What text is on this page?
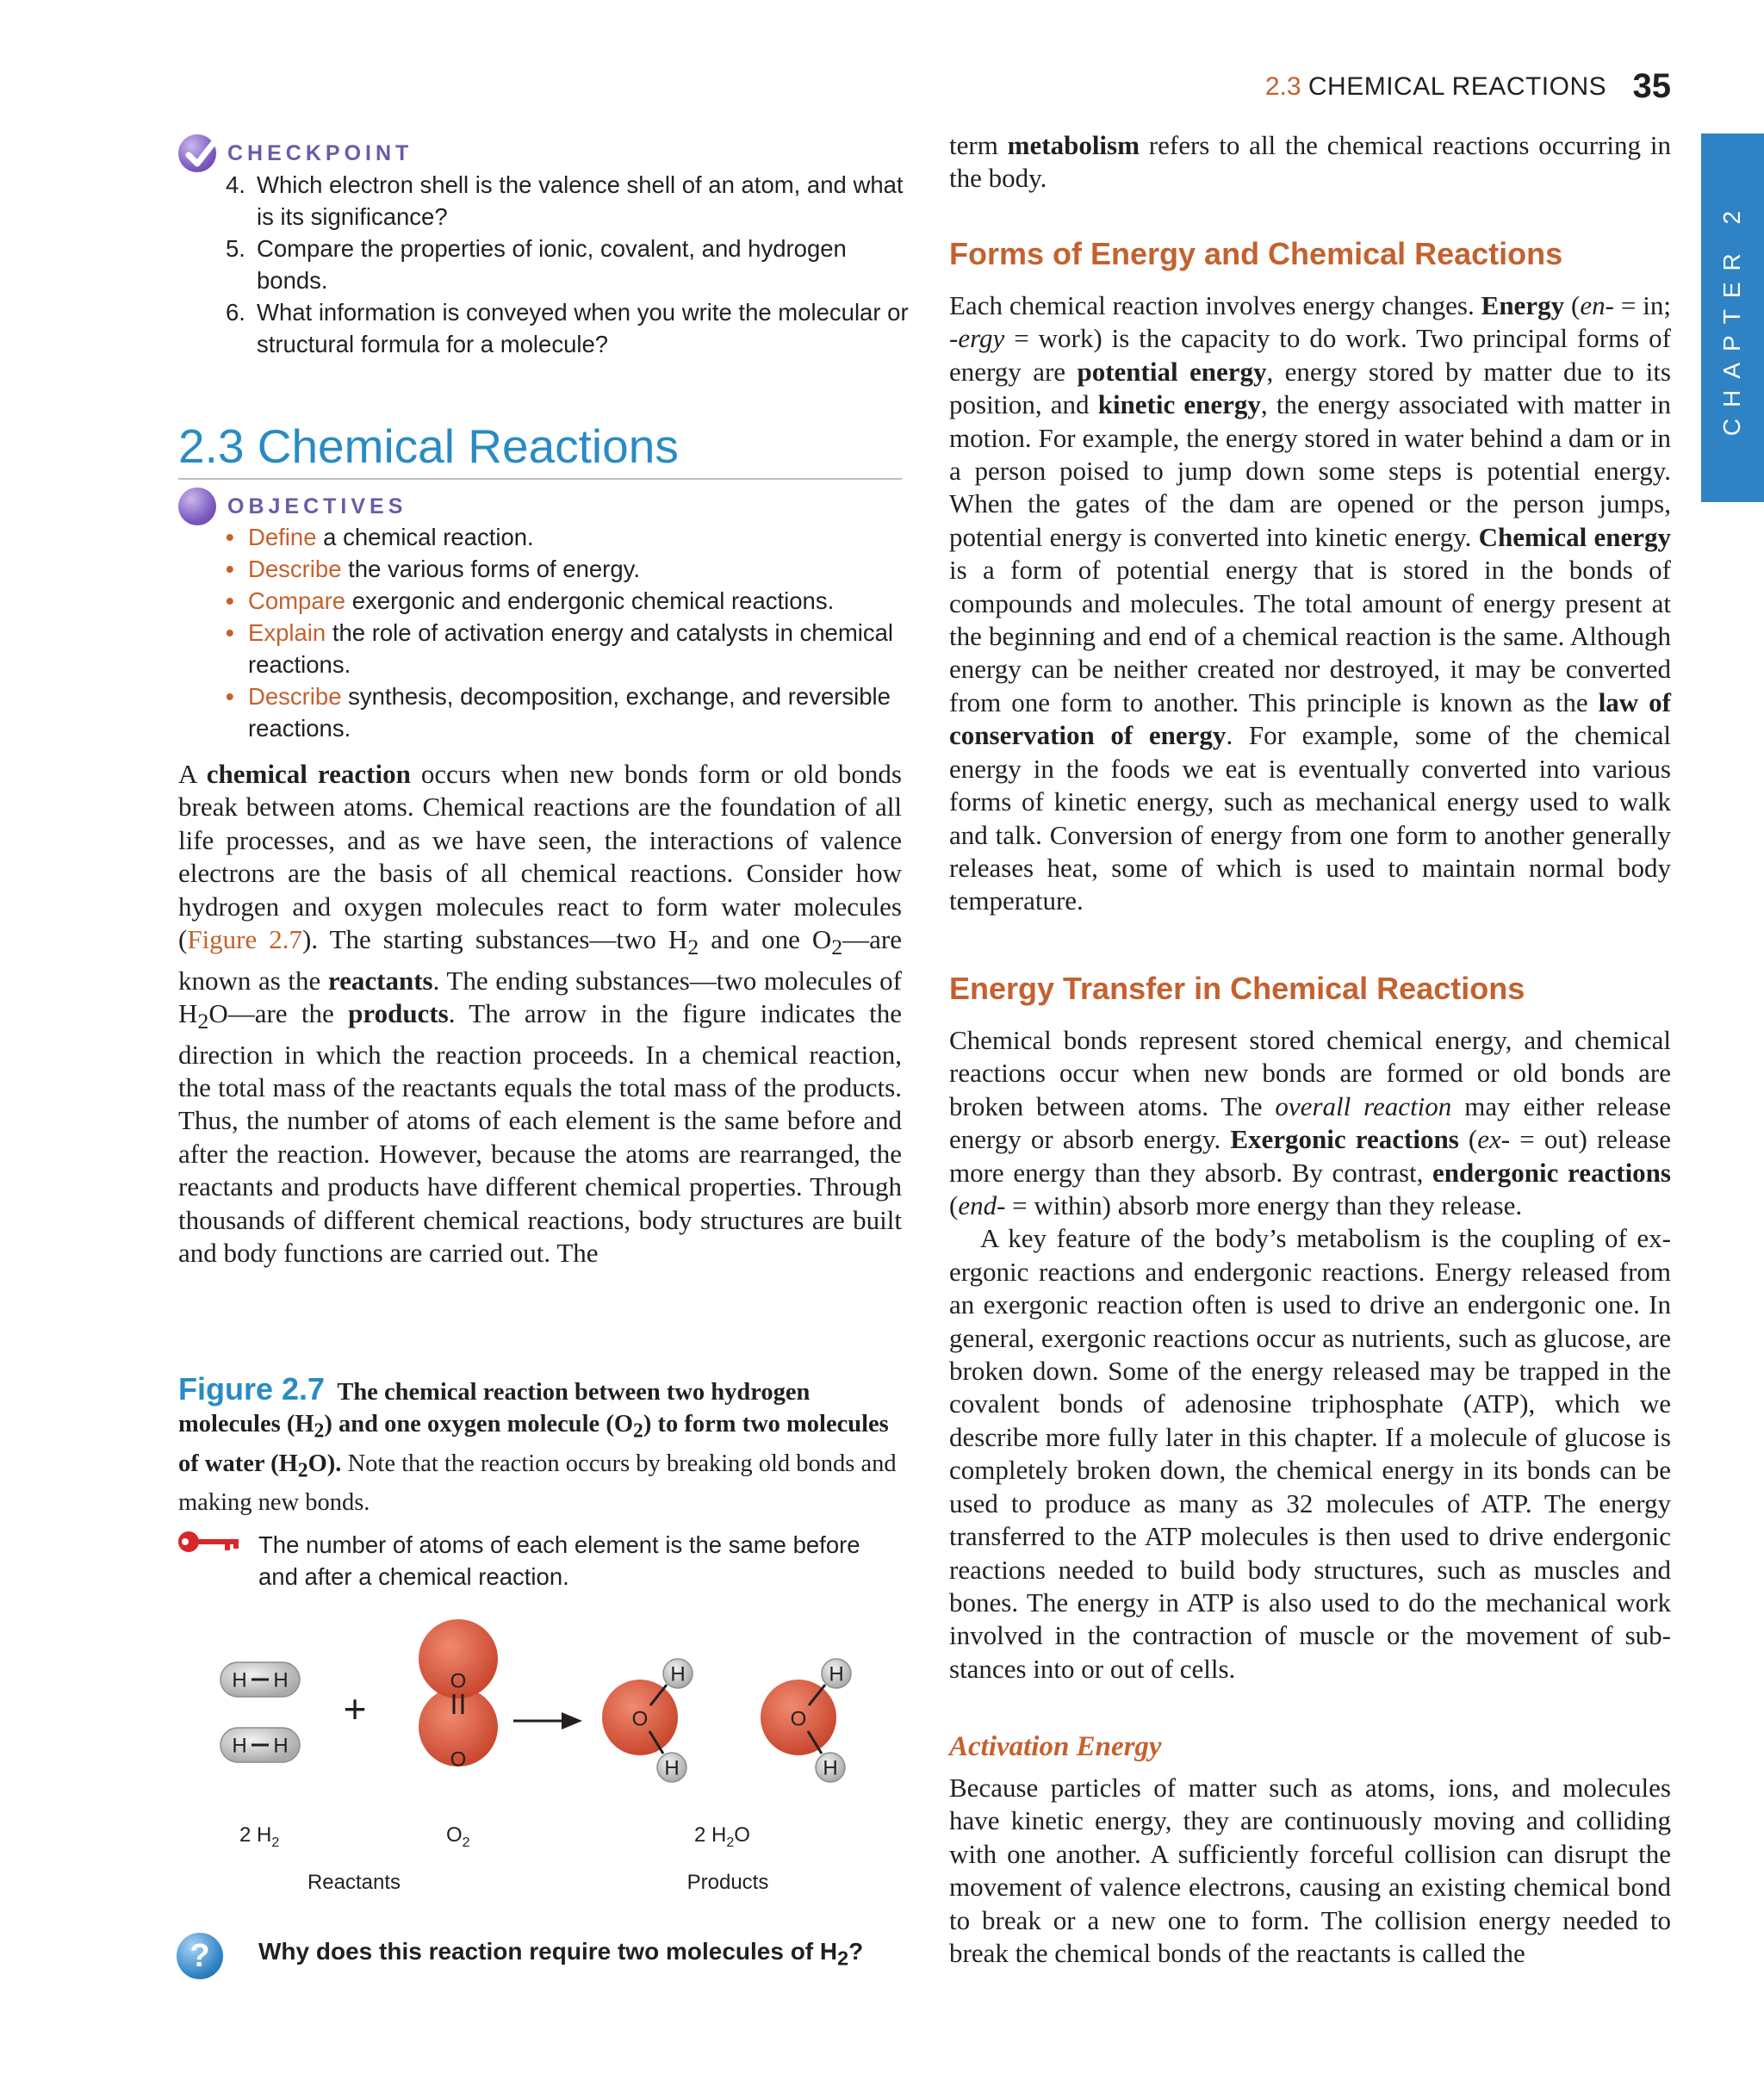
2.3 CHEMICAL REACTIONS 35
CHAPTER 2
CHECKPOINT
4. Which electron shell is the valence shell of an atom, and what is its significance?
5. Compare the properties of ionic, covalent, and hydrogen bonds.
6. What information is conveyed when you write the molecular or structural formula for a molecule?
2.3 Chemical Reactions
OBJECTIVES
• Define a chemical reaction.
• Describe the various forms of energy.
• Compare exergonic and endergonic chemical reactions.
• Explain the role of activation energy and catalysts in chemical reactions.
• Describe synthesis, decomposition, exchange, and reversible reactions.

A chemical reaction occurs when new bonds form or old bonds break between atoms. Chemical reactions are the foundation of all life processes, and as we have seen, the interactions of valence electrons are the basis of all chemical reactions. Consider how hydrogen and oxygen molecules react to form water molecules (Figure 2.7). The starting substances—two $H_2$ and one $O_2—are$ known as the reactants. The ending substances—two molecules of $H_2O—are$ the products. The arrow in the figure indicates the direction in which the reaction proceeds. In a chemical reaction, the total mass of the reactants equals the total mass of the products. Thus, the number of atoms of each element is the same before and after the reaction. However, because the atoms are rearranged, the reactants and products have different chemical properties. Through thousands of different chemical reactions, body structures are built and body functions are carried out. The

Figure 2.7 The chemical reaction between two hydrogen molecules $(H_2)$ and one oxygen molecule $(O_2)$ to form two molecules of water $(H_2O)$. Note that the reaction occurs by breaking old bonds and making new bonds.
The number of atoms of each element is the same before and after a chemical reaction.
H H
H H
+
O
O
O
H
H
O
H
H
2 $H_2$	$O_2$	2 $H_2O$
Reactants	Products
?	Why does this reaction require two molecules of $H_2$?

term metabolism refers to all the chemical reactions occurring in the body.

Forms of Energy and Chemical Reactions

Each chemical reaction involves energy changes. Energy (en- = in; -ergy = work) is the capacity to do work. Two principal forms of energy are potential energy, energy stored by matter due to its position, and kinetic energy, the energy associated with matter in motion. For example, the energy stored in water behind a dam or in a person poised to jump down some steps is potential energy. When the gates of the dam are opened or the person jumps, potential energy is converted into kinetic energy. Chemical energy is a form of potential energy that is stored in the bonds of compounds and molecules. The total amount of energy present at the beginning and end of a chemical reaction is the same. Although energy can be neither created nor destroyed, it may be converted from one form to another. This principle is known as the law of conservation of energy. For example, some of the chemical energy in the foods we eat is eventually converted into various forms of kinetic energy, such as mechanical energy used to walk and talk. Conversion of energy from one form to another generally releases heat, some of which is used to maintain normal body temperature.

Energy Transfer in Chemical Reactions

Chemical bonds represent stored chemical energy, and chemical reactions occur when new bonds are formed or old bonds are broken between atoms. The overall reaction may either release energy or absorb energy. Exergonic reactions (ex- = out) release more energy than they absorb. By contrast, endergonic reactions (end- = within) absorb more energy than they release.

A key feature of the body’s metabolism is the coupling of exergonic reactions and endergonic reactions. Energy released from an exergonic reaction often is used to drive an endergonic one. In general, exergonic reactions occur as nutrients, such as glucose, are broken down. Some of the energy released may be trapped in the covalent bonds of adenosine triphosphate (ATP), which we describe more fully later in this chapter. If a molecule of glucose is completely broken down, the chemical energy in its bonds can be used to produce as many as 32 molecules of ATP. The energy transferred to the ATP molecules is then used to drive endergonic reactions needed to build body structures, such as muscles and bones. The energy in ATP is also used to do the mechanical work involved in the contraction of muscle or the movement of substances into or out of cells.

Activation Energy

Because particles of matter such as atoms, ions, and molecules have kinetic energy, they are continuously moving and colliding with one another. A sufficiently forceful collision can disrupt the movement of valence electrons, causing an existing chemical bond to break or a new one to form. The collision energy needed to break the chemical bonds of the reactants is called the
